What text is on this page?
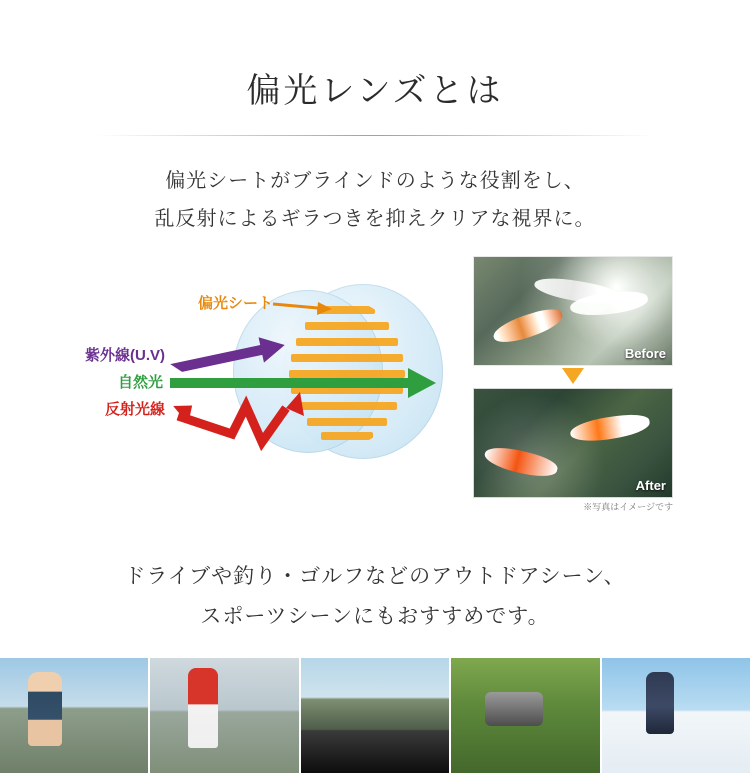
偏光レンズとは
偏光シートがブラインドのような役割をし、
乱反射によるギラつきを抑えクリアな視界に。
偏光シート
紫外線(U.V)
自然光
反射光線
Before
After
※写真はイメージです
ドライブや釣り・ゴルフなどのアウトドアシーン、
スポーツシーンにもおすすめです。
